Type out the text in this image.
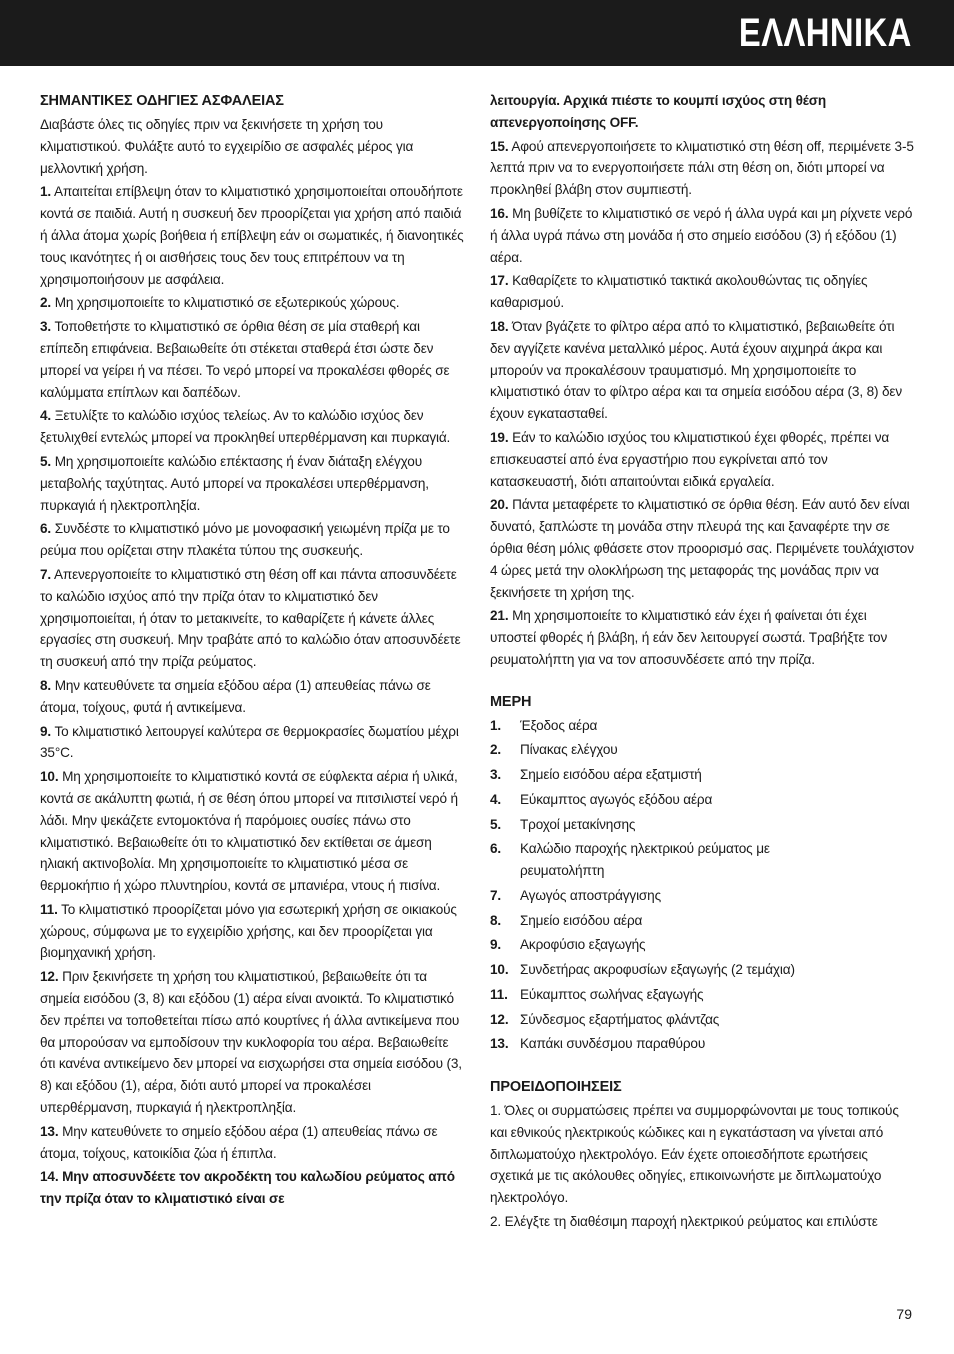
ΕΛΛΗΝΙΚΑ
ΣΗΜΑΝΤΙΚΕΣ ΟΔΗΓΙΕΣ ΑΣΦΑΛΕΙΑΣ

Διαβάστε όλες τις οδηγίες πριν να ξεκινήσετε τη χρήση του κλιματιστικού. Φυλάξτε αυτό το εγχειρίδιο σε ασφαλές μέρος για μελλοντική χρήση.

1. Απαιτείται επίβλεψη όταν το κλιματιστικό χρησιμοποιείται οπουδήποτε κοντά σε παιδιά. Αυτή η συσκευή δεν προορίζεται για χρήση από παιδιά ή άλλα άτομα χωρίς βοήθεια ή επίβλεψη εάν οι σωματικές, ή διανοητικές τους ικανότητες ή οι αισθήσεις τους δεν τους επιτρέπουν να τη χρησιμοποιήσουν με ασφάλεια.

2. Μη χρησιμοποιείτε το κλιματιστικό σε εξωτερικούς χώρους.

3. Τοποθετήστε το κλιματιστικό σε όρθια θέση σε μία σταθερή και επίπεδη επιφάνεια. Βεβαιωθείτε ότι στέκεται σταθερά έτσι ώστε δεν μπορεί να γείρει ή να πέσει. Το νερό μπορεί να προκαλέσει φθορές σε καλύμματα επίπλων και δαπέδων.

4. Ξετυλίξτε το καλώδιο ισχύος τελείως. Αν το καλώδιο ισχύος δεν ξετυλιχθεί εντελώς μπορεί να προκληθεί υπερθέρμανση και πυρκαγιά.

5. Μη χρησιμοποιείτε καλώδιο επέκτασης ή έναν διάταξη ελέγχου μεταβολής ταχύτητας. Αυτό μπορεί να προκαλέσει υπερθέρμανση, πυρκαγιά ή ηλεκτροπληξία.

6. Συνδέστε το κλιματιστικό μόνο με μονοφασική γειωμένη πρίζα με το ρεύμα που ορίζεται στην πλακέτα τύπου της συσκευής.

7. Απενεργοποιείτε το κλιματιστικό στη θέση off και πάντα αποσυνδέετε το καλώδιο ισχύος από την πρίζα όταν το κλιματιστικό δεν χρησιμοποιείται, ή όταν το μετακινείτε, το καθαρίζετε ή κάνετε άλλες εργασίες στη συσκευή. Μην τραβάτε από το καλώδιο όταν αποσυνδέετε τη συσκευή από την πρίζα ρεύματος.

8. Μην κατευθύνετε τα σημεία εξόδου αέρα (1) απευθείας πάνω σε άτομα, τοίχους, φυτά ή αντικείμενα.

9. Το κλιματιστικό λειτουργεί καλύτερα σε θερμοκρασίες δωματίου μέχρι 35°C.

10. Μη χρησιμοποιείτε το κλιματιστικό κοντά σε εύφλεκτα αέρια ή υλικά, κοντά σε ακάλυπτη φωτιά, ή σε θέση όπου μπορεί να πιτσιλιστεί νερό ή λάδι. Μην ψεκάζετε εντομοκτόνα ή παρόμοιες ουσίες πάνω στο κλιματιστικό. Βεβαιωθείτε ότι το κλιματιστικό δεν εκτίθεται σε άμεση ηλιακή ακτινοβολία. Μη χρησιμοποιείτε το κλιματιστικό μέσα σε θερμοκήπιο ή χώρο πλυντηρίου, κοντά σε μπανιέρα, ντους ή πισίνα.

11. Το κλιματιστικό προορίζεται μόνο για εσωτερική χρήση σε οικιακούς χώρους, σύμφωνα με το εγχειρίδιο χρήσης, και δεν προορίζεται για βιομηχανική χρήση.

12. Πριν ξεκινήσετε τη χρήση του κλιματιστικού, βεβαιωθείτε ότι τα σημεία εισόδου (3, 8) και εξόδου (1) αέρα είναι ανοικτά. Το κλιματιστικό δεν πρέπει να τοποθετείται πίσω από κουρτίνες ή άλλα αντικείμενα που θα μπορούσαν να εμποδίσουν την κυκλοφορία του αέρα. Βεβαιωθείτε ότι κανένα αντικείμενο δεν μπορεί να εισχωρήσει στα σημεία εισόδου (3, 8) και εξόδου (1), αέρα, διότι αυτό μπορεί να προκαλέσει υπερθέρμανση, πυρκαγιά ή ηλεκτροπληξία.

13. Μην κατευθύνετε το σημείο εξόδου αέρα (1) απευθείας πάνω σε άτομα, τοίχους, κατοικίδια ζώα ή έπιπλα.

14. Μην αποσυνδέετε τον ακροδέκτη του καλωδίου ρεύματος από την πρίζα όταν το κλιματιστικό είναι σε

λειτουργία. Αρχικά πιέστε το κουμπί ισχύος στη θέση απενεργοποίησης OFF.

15. Αφού απενεργοποιήσετε το κλιματιστικό στη θέση off, περιμένετε 3-5 λεπτά πριν να το ενεργοποιήσετε πάλι στη θέση on, διότι μπορεί να προκληθεί βλάβη στον συμπιεστή.

16. Μη βυθίζετε το κλιματιστικό σε νερό ή άλλα υγρά και μη ρίχνετε νερό ή άλλα υγρά πάνω στη μονάδα ή στο σημείο εισόδου (3) ή εξόδου (1) αέρα.

17. Καθαρίζετε το κλιματιστικό τακτικά ακολουθώντας τις οδηγίες καθαρισμού.

18. Όταν βγάζετε το φίλτρο αέρα από το κλιματιστικό, βεβαιωθείτε ότι δεν αγγίζετε κανένα μεταλλικό μέρος. Αυτά έχουν αιχμηρά άκρα και μπορούν να προκαλέσουν τραυματισμό. Μη χρησιμοποιείτε το κλιματιστικό όταν το φίλτρο αέρα και τα σημεία εισόδου αέρα (3, 8) δεν έχουν εγκατασταθεί.

19. Εάν το καλώδιο ισχύος του κλιματιστικού έχει φθορές, πρέπει να επισκευαστεί από ένα εργαστήριο που εγκρίνεται από τον κατασκευαστή, διότι απαιτούνται ειδικά εργαλεία.

20. Πάντα μεταφέρετε το κλιματιστικό σε όρθια θέση. Εάν αυτό δεν είναι δυνατό, ξαπλώστε τη μονάδα στην πλευρά της και ξαναφέρτε την σε όρθια θέση μόλις φθάσετε στον προορισμό σας. Περιμένετε τουλάχιστον 4 ώρες μετά την ολοκλήρωση της μεταφοράς της μονάδας πριν να ξεκινήσετε τη χρήση της.

21. Μη χρησιμοποιείτε το κλιματιστικό εάν έχει ή φαίνεται ότι έχει υποστεί φθορές ή βλάβη, ή εάν δεν λειτουργεί σωστά. Τραβήξτε τον ρευματολήπτη για να τον αποσυνδέσετε από την πρίζα.

ΜΕΡΗ
1.	Έξοδος αέρα
2.	Πίνακας ελέγχου
3.	Σημείο εισόδου αέρα εξατμιστή
4.	Εύκαμπτος αγωγός εξόδου αέρα
5.	Τροχοί μετακίνησης
6.	Καλώδιο παροχής ηλεκτρικού ρεύματος με ρευματολήπτη
7.	Αγωγός αποστράγγισης
8.	Σημείο εισόδου αέρα
9.	Ακροφύσιο εξαγωγής
10. Συνδετήρας ακροφυσίων εξαγωγής (2 τεμάχια)
11. Εύκαμπτος σωλήνας εξαγωγής
12. Σύνδεσμος εξαρτήματος φλάντζας
13. Καπάκι συνδέσμου παραθύρου
ΠΡΟΕΙΔΟΠΟΙΗΣΕΙΣ

1. Όλες οι συρματώσεις πρέπει να συμμορφώνονται με τους τοπικούς και εθνικούς ηλεκτρικούς κώδικες και η εγκατάσταση να γίνεται από διπλωματούχο ηλεκτρολόγο. Εάν έχετε οποιεσδήποτε ερωτήσεις σχετικά με τις ακόλουθες οδηγίες, επικοινωνήστε με διπλωματούχο ηλεκτρολόγο.

2. Ελέγξτε τη διαθέσιμη παροχή ηλεκτρικού ρεύματος και επιλύστε

79
